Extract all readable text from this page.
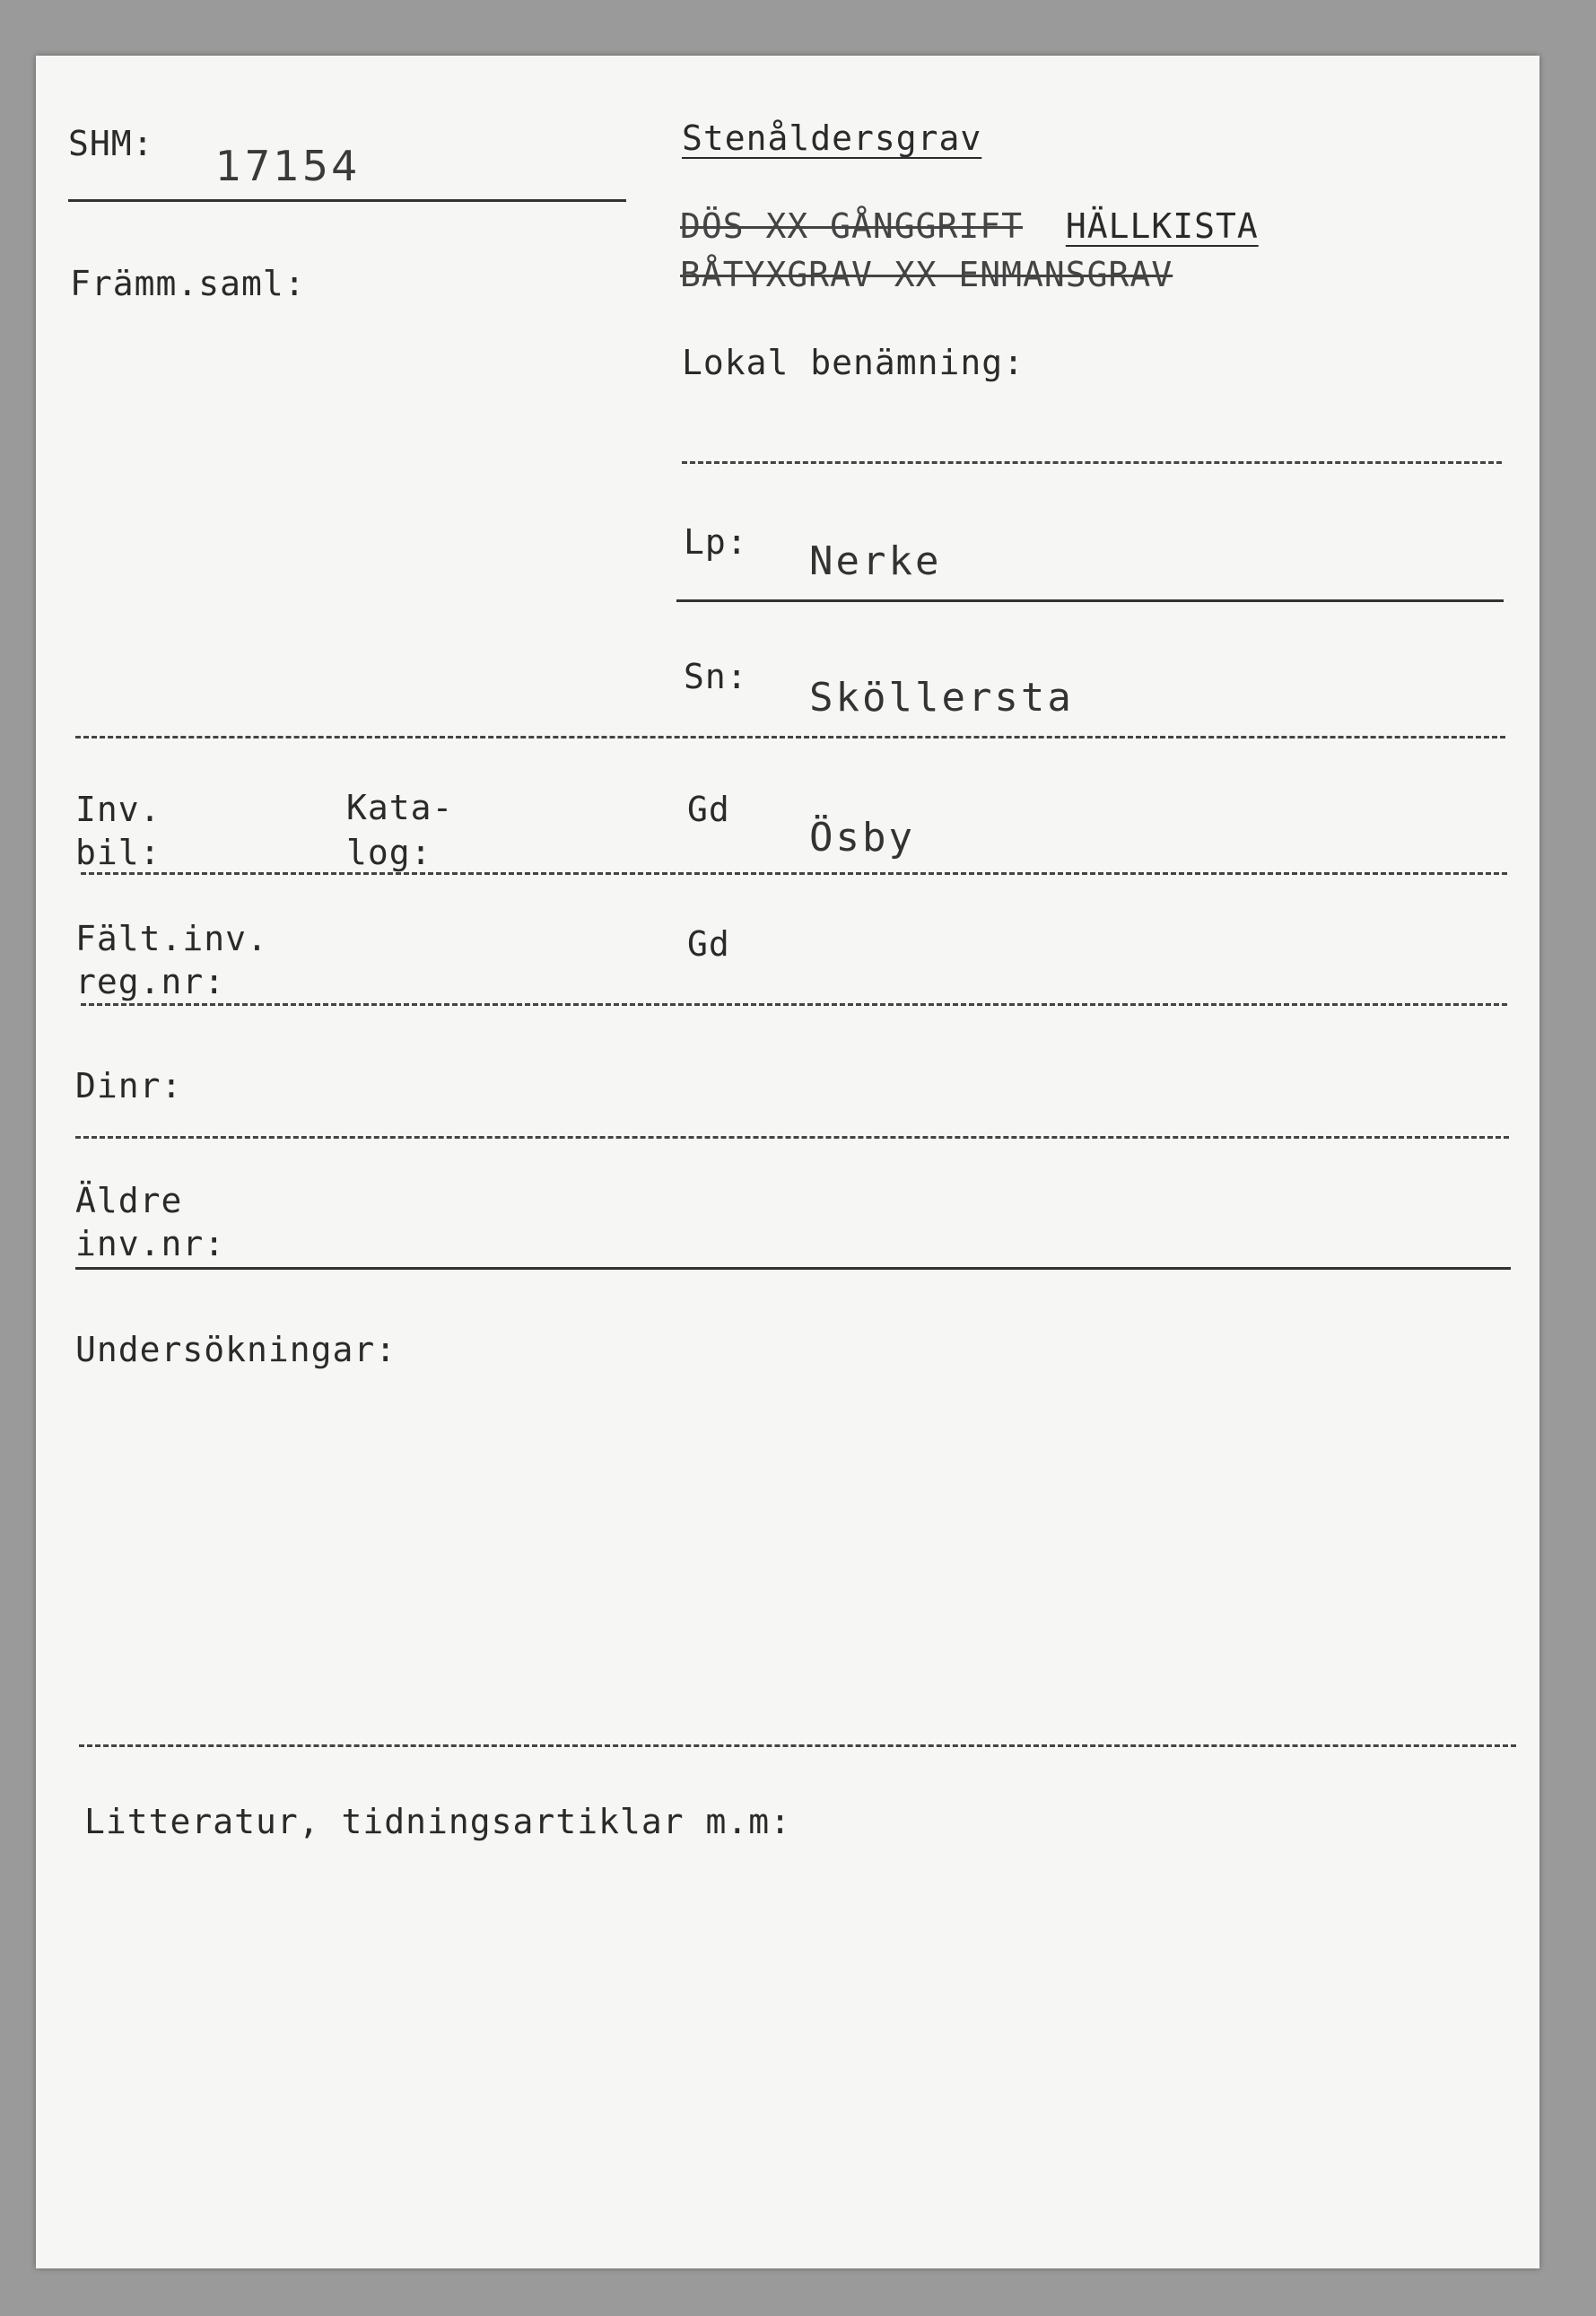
SHM: 17154
Stenåldersgrav
DÖS XX GÅNGGRIFT HÄLLKISTA
BÅTYXGRAV XX ENMANSGRAV
Främm.saml:
Lokal benämning:
Lp: Nerke
Sn: Sköllersta
Inv.
bil:
Kata-
log:
Gd
Ösby
Fält.inv.
reg.nr:
Gd
Dinr:
Äldre
inv.nr:
Undersökningar:
Litteratur, tidningsartiklar m.m:
